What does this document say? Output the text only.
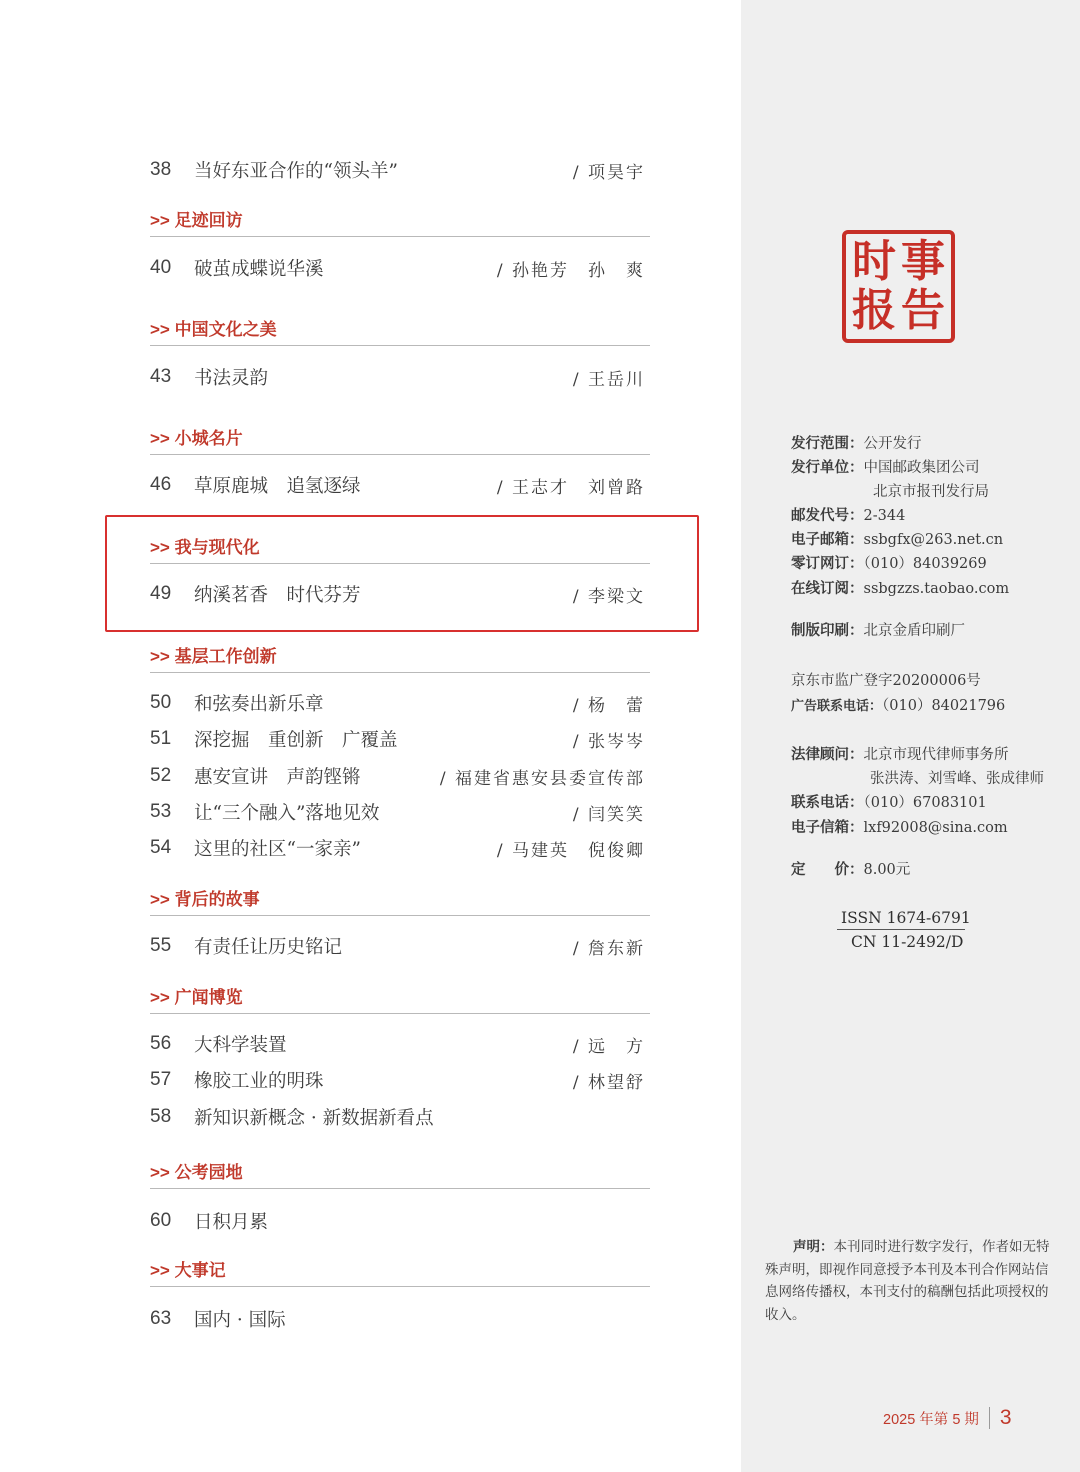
38	当好东亚合作的“领头羊”	/ 项昊宇
>> 足迹回访
40	破茧成蝶说华溪	/ 孙艳芳　孙　爽
>> 中国文化之美
43	书法灵韵	/ 王岳川
>> 小城名片
46	草原鹿城　追氢逐绿	/ 王志才　刘曾路
>> 我与现代化
49	纳溪茗香　时代芬芳	/ 李梁文
>> 基层工作创新
50	和弦奏出新乐章	/ 杨　蕾
51	深挖掘　重创新　广覆盖	/ 张岑岑
52	惠安宣讲　声韵铿锵	/ 福建省惠安县委宣传部
53	让“三个融入”落地见效	/ 闫笑笑
54	这里的社区“一家亲”	/ 马建英　倪俊卿
>> 背后的故事
55	有责任让历史铭记	/ 詹东新
>> 广闻博览
56	大科学装置	/ 远　方
57	橡胶工业的明珠	/ 林望舒
58	新知识新概念 · 新数据新看点
>> 公考园地
60	日积月累
>> 大事记
63	国内 · 国际
时 事
报 告
发行范围：公开发行
发行单位：中国邮政集团公司
北京市报刊发行局
邮发代号：2-344
电子邮箱：ssbgfx@263.net.cn
零订网订：（010）84039269
在线订阅：ssbgzzs.taobao.com
制版印刷：北京金盾印刷厂
京东市监广登字20200006号
广告联系电话：（010）84021796
法律顾问：北京市现代律师事务所
张洪涛、刘雪峰、张成律师
联系电话：（010）67083101
电子信箱：lxf92008@sina.com
定　　价：8.00元
ISSN 1674-6791
CN 11-2492/D
声明：本刊同时进行数字发行，作者如无特殊声明，即视作同意授予本刊及本刊合作网站信息网络传播权，本刊支付的稿酬包括此项授权的收入。
2025 年第 5 期 3
